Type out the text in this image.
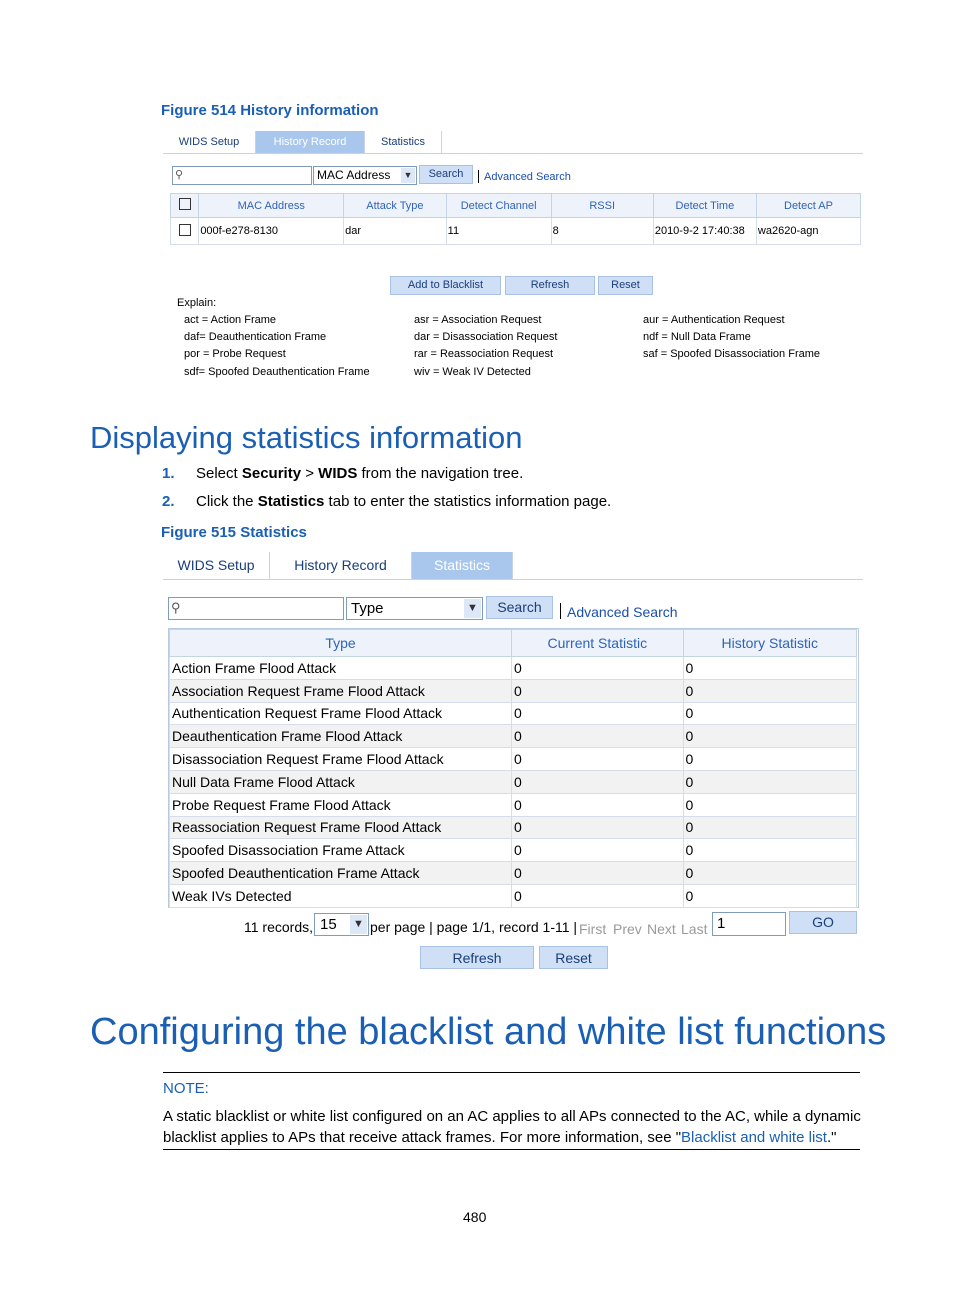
Figure 514 History information
WIDS Setup	History Record	Statistics
⚲	MAC Address ▼	Search	Advanced Search
	MAC Address	Attack Type	Detect Channel	RSSI	Detect Time	Detect AP
	000f-e278-8130	dar	11	8	2010-9-2 17:40:38	wa2620-agn
Add to Blacklist	Refresh	Reset
Explain:
act = Action Frame	asr = Association Request	aur = Authentication Request
daf= Deauthentication Frame	dar = Disassociation Request	ndf = Null Data Frame
por = Probe Request	rar = Reassociation Request	saf = Spoofed Disassociation Frame
sdf= Spoofed Deauthentication Frame	wiv = Weak IV Detected
Displaying statistics information
1. Select Security > WIDS from the navigation tree.
2. Click the Statistics tab to enter the statistics information page.
Figure 515 Statistics
WIDS Setup	History Record	Statistics
⚲	Type	▼	Search	Advanced Search
Type	Current Statistic	History Statistic
Action Frame Flood Attack	0	0
Association Request Frame Flood Attack	0	0
Authentication Request Frame Flood Attack	0	0
Deauthentication Frame Flood Attack	0	0
Disassociation Request Frame Flood Attack	0	0
Null Data Frame Flood Attack	0	0
Probe Request Frame Flood Attack	0	0
Reassociation Request Frame Flood Attack	0	0
Spoofed Disassociation Frame Attack	0	0
Spoofed Deauthentication Frame Attack	0	0
Weak IVs Detected	0	0
11 records, 15 ▼ per page | page 1/1, record 1-11 | First Prev Next Last 1	GO
Refresh	Reset
Configuring the blacklist and white list functions
NOTE:
A static blacklist or white list configured on an AC applies to all APs connected to the AC, while a dynamic
blacklist applies to APs that receive attack frames. For more information, see "Blacklist and white list."
480
